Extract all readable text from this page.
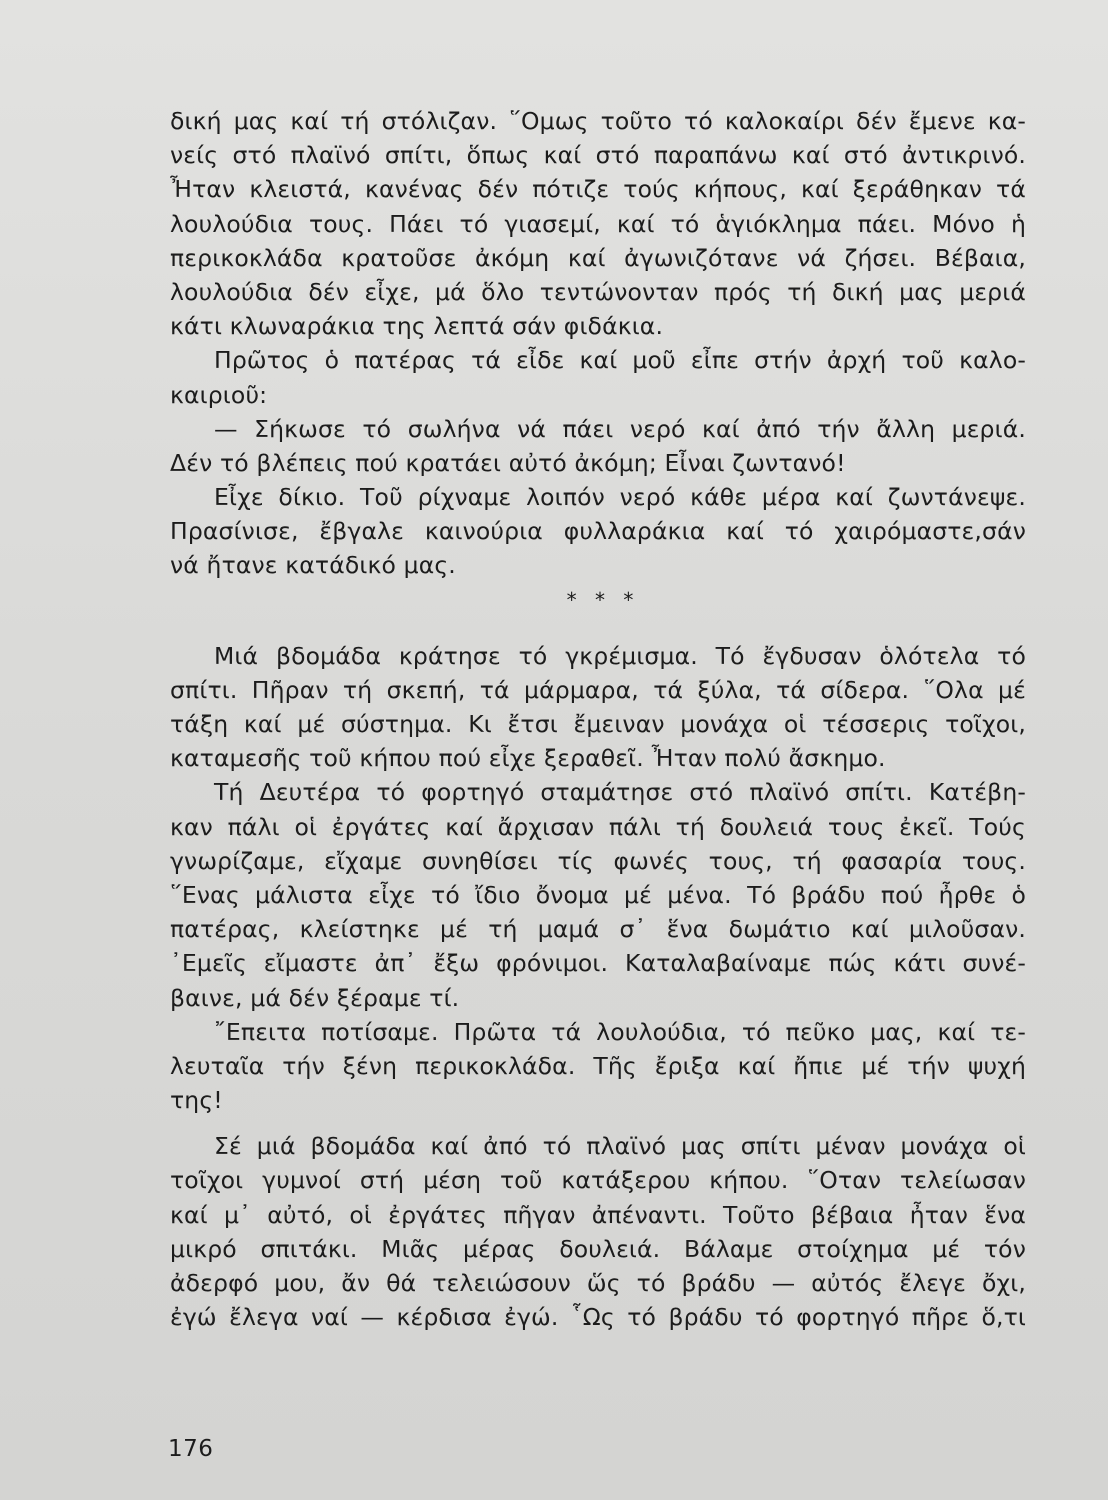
δική μας καί τή στόλιζαν. ῞Ομως τοῦτο τό καλοκαίρι δέν ἔμενε κα-
νείς στό πλαϊνό σπίτι, ὅπως καί στό παραπάνω καί στό ἀντικρινό.
Ἦταν κλειστά, κανένας δέν πότιζε τούς κήπους, καί ξεράθηκαν τά
λουλούδια τους. Πάει τό γιασεμί, καί τό ἁγιόκλημα πάει. Μόνο ἡ
περικοκλάδα κρατοῦσε ἀκόμη καί ἀγωνιζότανε νά ζήσει. Βέβαια,
λουλούδια δέν εἶχε, μά ὅλο τεντώνονταν πρός τή δική μας μεριά
κάτι κλωναράκια της λεπτά σάν φιδάκια.
Πρῶτος ὁ πατέρας τά εἶδε καί μοῦ εἶπε στήν ἀρχή τοῦ καλο-
καιριοῦ:
— Σήκωσε τό σωλήνα νά πάει νερό καί ἀπό τήν ἄλλη μεριά.
Δέν τό βλέπεις πού κρατάει αὐτό ἀκόμη; Εἶναι ζωντανό!
Εἶχε δίκιο. Τοῦ ρίχναμε λοιπόν νερό κάθε μέρα καί ζωντάνεψε.
Πρασίνισε, ἔβγαλε καινούρια φυλλαράκια καί τό χαιρόμαστε,σάν
νά ἤτανε κατάδικό μας.
* * *
Μιά βδομάδα κράτησε τό γκρέμισμα. Τό ἔγδυσαν ὁλότελα τό
σπίτι. Πῆραν τή σκεπή, τά μάρμαρα, τά ξύλα, τά σίδερα. ῞Ολα μέ
τάξη καί μέ σύστημα. Κι ἔτσι ἔμειναν μονάχα οἱ τέσσερις τοῖχοι,
καταμεσῆς τοῦ κήπου πού εἶχε ξεραθεῖ. Ἦταν πολύ ἄσκημο.
Τή Δευτέρα τό φορτηγό σταμάτησε στό πλαϊνό σπίτι. Κατέβη-
καν πάλι οἱ ἐργάτες καί ἄρχισαν πάλι τή δουλειά τους ἐκεῖ. Τούς
γνωρίζαμε, εἴχαμε συνηθίσει τίς φωνές τους, τή φασαρία τους.
῞Ενας μάλιστα εἶχε τό ἴδιο ὄνομα μέ μένα. Τό βράδυ πού ἦρθε ὁ
πατέρας, κλείστηκε μέ τή μαμά σ᾽ ἕνα δωμάτιο καί μιλοῦσαν.
᾽Εμεῖς εἴμαστε ἀπ᾽ ἔξω φρόνιμοι. Καταλαβαίναμε πώς κάτι συνέ-
βαινε, μά δέν ξέραμε τί.
῎Επειτα ποτίσαμε. Πρῶτα τά λουλούδια, τό πεῦκο μας, καί τε-
λευταῖα τήν ξένη περικοκλάδα. Τῆς ἔριξα καί ἤπιε μέ τήν ψυχή
της!
Σέ μιά βδομάδα καί ἀπό τό πλαϊνό μας σπίτι μέναν μονάχα οἱ
τοῖχοι γυμνοί στή μέση τοῦ κατάξερου κήπου. ῞Οταν τελείωσαν
καί μ᾽ αὐτό, οἱ ἐργάτες πῆγαν ἀπέναντι. Τοῦτο βέβαια ἦταν ἕνα
μικρό σπιτάκι. Μιᾶς μέρας δουλειά. Βάλαμε στοίχημα μέ τόν
ἀδερφό μου, ἄν θά τελειώσουν ὥς τό βράδυ — αὐτός ἔλεγε ὄχι,
ἐγώ ἔλεγα ναί — κέρδισα ἐγώ. ῟Ως τό βράδυ τό φορτηγό πῆρε ὅ,τι
176
